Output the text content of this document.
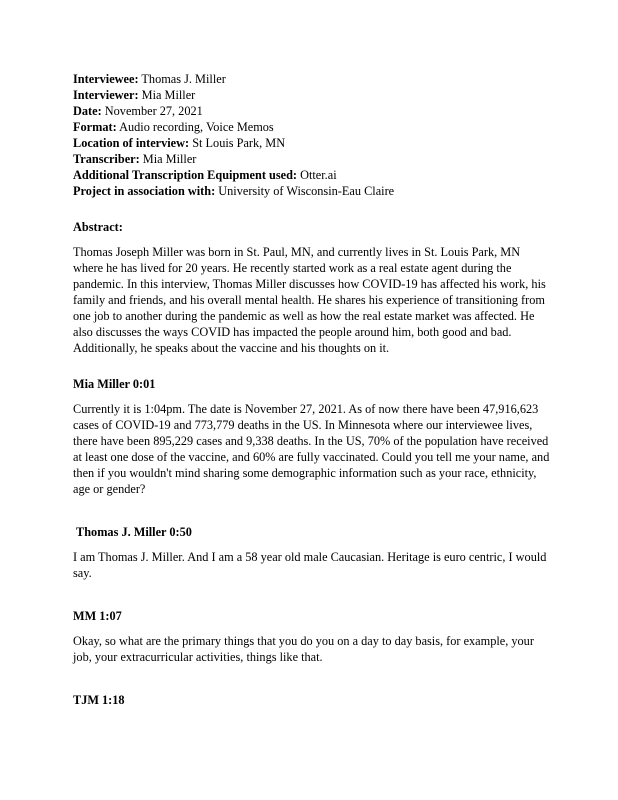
Interviewee: Thomas J. Miller
Interviewer: Mia Miller
Date: November 27, 2021
Format: Audio recording, Voice Memos
Location of interview: St Louis Park, MN
Transcriber: Mia Miller
Additional Transcription Equipment used: Otter.ai
Project in association with: University of Wisconsin-Eau Claire

Abstract:

Thomas Joseph Miller was born in St. Paul, MN, and currently lives in St. Louis Park, MN where he has lived for 20 years. He recently started work as a real estate agent during the pandemic. In this interview, Thomas Miller discusses how COVID-19 has affected his work, his family and friends, and his overall mental health. He shares his experience of transitioning from one job to another during the pandemic as well as how the real estate market was affected. He also discusses the ways COVID has impacted the people around him, both good and bad. Additionally, he speaks about the vaccine and his thoughts on it.

Mia Miller 0:01

Currently it is 1:04pm. The date is November 27, 2021. As of now there have been 47,916,623 cases of COVID-19 and 773,779 deaths in the US. In Minnesota where our interviewee lives, there have been 895,229 cases and 9,338 deaths. In the US, 70% of the population have received at least one dose of the vaccine, and 60% are fully vaccinated. Could you tell me your name, and then if you wouldn't mind sharing some demographic information such as your race, ethnicity, age or gender?

Thomas J. Miller 0:50

I am Thomas J. Miller. And I am a 58 year old male Caucasian. Heritage is euro centric, I would say.

MM 1:07

Okay, so what are the primary things that you do you on a day to day basis, for example, your job, your extracurricular activities, things like that.

TJM 1:18
